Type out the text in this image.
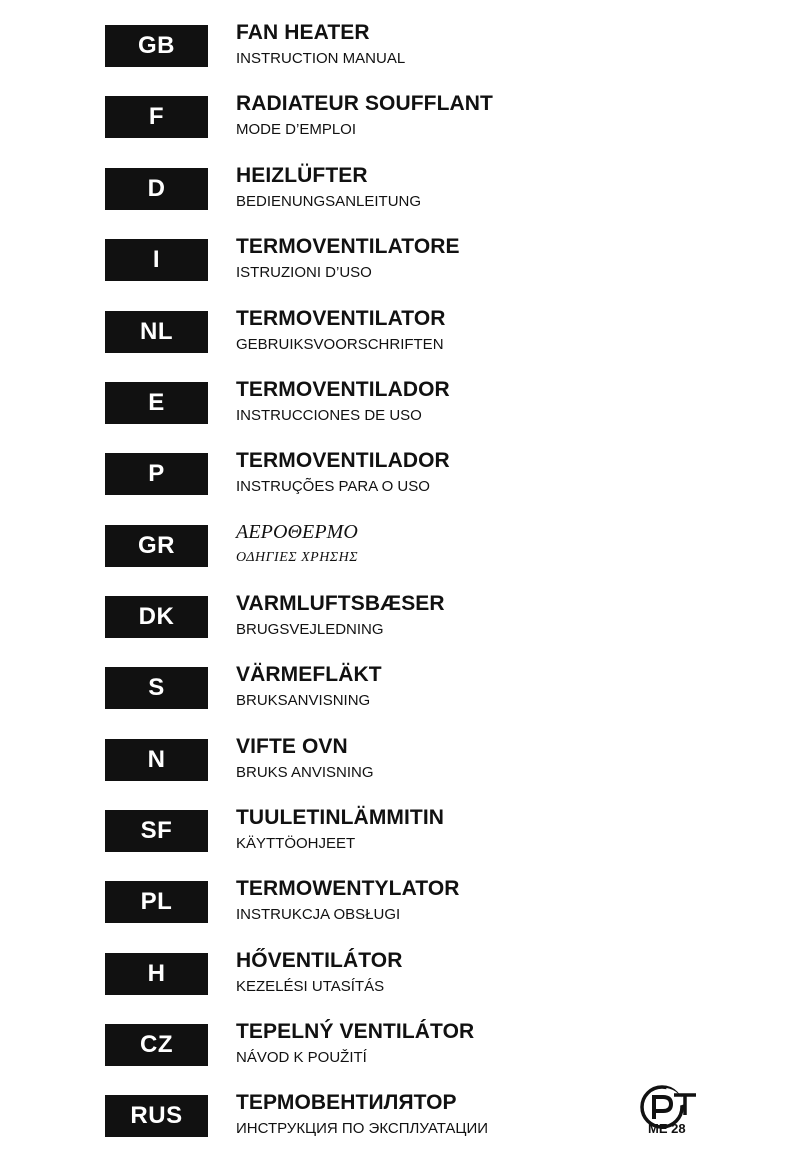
GB	FAN HEATER
INSTRUCTION MANUAL
F	RADIATEUR SOUFFLANT
MODE D’EMPLOI
D	HEIZLÜFTER
BEDIENUNGSANLEITUNG
I	TERMOVENTILATORE
ISTRUZIONI D’USO
NL	TERMOVENTILATOR
GEBRUIKSVOORSCHRIFTEN
E	TERMOVENTILADOR
INSTRUCCIONES DE USO
P	TERMOVENTILADOR
INSTRUÇÕES PARA O USO
GR	ΑΕΡΟΘΕΡΜΟ
ΟΔΗΓΙΕΣ ΧΡΗΣΗΣ
DK	VARMLUFTSBÆSER
BRUGSVEJLEDNING
S	VÄRMEFLÄKT
BRUKSANVISNING
N	VIFTE OVN
BRUKS ANVISNING
SF	TUULETINLÄMMITIN
KÄYTTÖOHJEET
PL	TERMOWENTYLATOR
INSTRUKCJA OBSŁUGI
H	HŐVENTILÁTOR
KEZELÉSI UTASÍTÁS
CZ	TEPELNÝ VENTILÁTOR
NÁVOD K POUŽITÍ
RUS	ТЕРМОВЕНТИЛЯТОР
ИНСТРУКЦИЯ ПО ЭКСПЛУАТАЦИИ	ME 28
